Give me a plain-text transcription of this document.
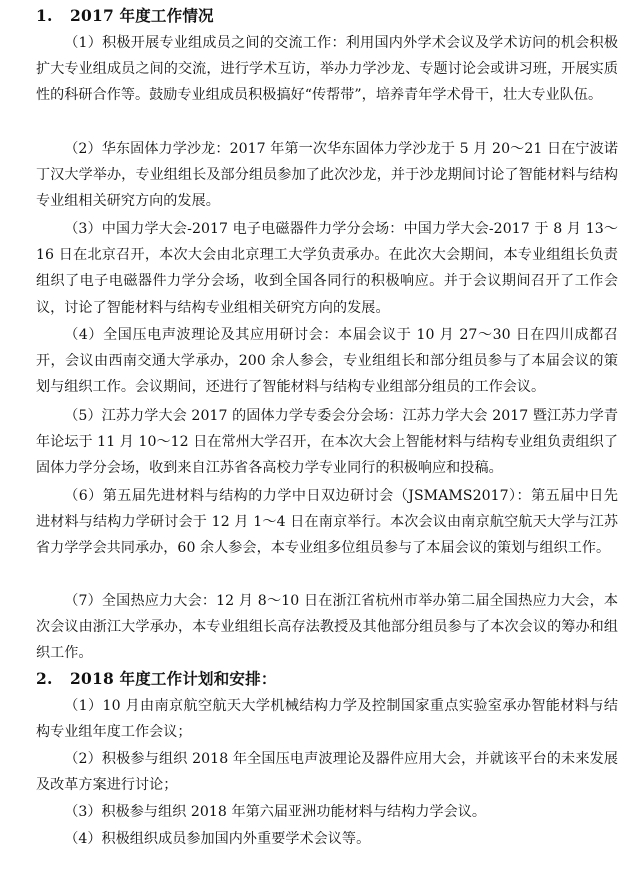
1. 2017 年度工作情况

（1）积极开展专业组成员之间的交流工作：利用国内外学术会议及学术访问的机会积极扩大专业组成员之间的交流，进行学术互访，举办力学沙龙、专题讨论会或讲习班，开展实质性的科研合作等。鼓励专业组成员积极搞好“传帮带”，培养青年学术骨干，壮大专业队伍。

（2）华东固体力学沙龙：2017 年第一次华东固体力学沙龙于 5 月 20～21 日在宁波诺丁汉大学举办，专业组组长及部分组员参加了此次沙龙，并于沙龙期间讨论了智能材料与结构专业组相关研究方向的发展。

（3）中国力学大会-2017 电子电磁器件力学分会场：中国力学大会-2017 于 8 月 13～16 日在北京召开，本次大会由北京理工大学负责承办。在此次大会期间，本专业组组长负责组织了电子电磁器件力学分会场，收到全国各同行的积极响应。并于会议期间召开了工作会议，讨论了智能材料与结构专业组相关研究方向的发展。

（4）全国压电声波理论及其应用研讨会：本届会议于 10 月 27～30 日在四川成都召开，会议由西南交通大学承办，200 余人参会，专业组组长和部分组员参与了本届会议的策划与组织工作。会议期间，还进行了智能材料与结构专业组部分组员的工作会议。

（5）江苏力学大会 2017 的固体力学专委会分会场：江苏力学大会 2017 暨江苏力学青年论坛于 11 月 10～12 日在常州大学召开，在本次大会上智能材料与结构专业组负责组织了固体力学分会场，收到来自江苏省各高校力学专业同行的积极响应和投稿。

（6）第五届先进材料与结构的力学中日双边研讨会（JSMAMS2017）：第五届中日先进材料与结构力学研讨会于 12 月 1～4 日在南京举行。本次会议由南京航空航天大学与江苏省力学学会共同承办，60 余人参会，本专业组多位组员参与了本届会议的策划与组织工作。

（7）全国热应力大会：12 月 8～10 日在浙江省杭州市举办第二届全国热应力大会，本次会议由浙江大学承办，本专业组组长高存法教授及其他部分组员参与了本次会议的筹办和组织工作。

2. 2018 年度工作计划和安排：

（1）10 月由南京航空航天大学机械结构力学及控制国家重点实验室承办智能材料与结构专业组年度工作会议；

（2）积极参与组织 2018 年全国压电声波理论及器件应用大会，并就该平台的未来发展及改革方案进行讨论；

（3）积极参与组织 2018 年第六届亚洲功能材料与结构力学会议。

（4）积极组织成员参加国内外重要学术会议等。
